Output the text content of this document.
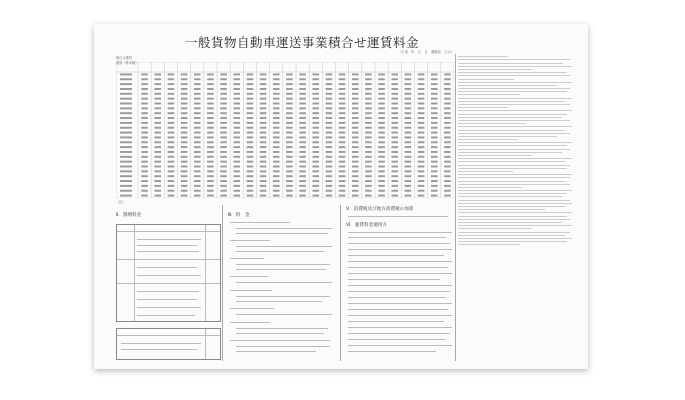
一般貨物自動車運送事業積合せ運賃料金
（平成　年　月　日　運輸局　公示）
積合せ運賃
運賃（基本額）
（注）
Ⅱ．割増料金	Ⅲ．料　金
Ⅴ．消費税及び地方消費税の加算
Ⅵ．運賃料金適用方
